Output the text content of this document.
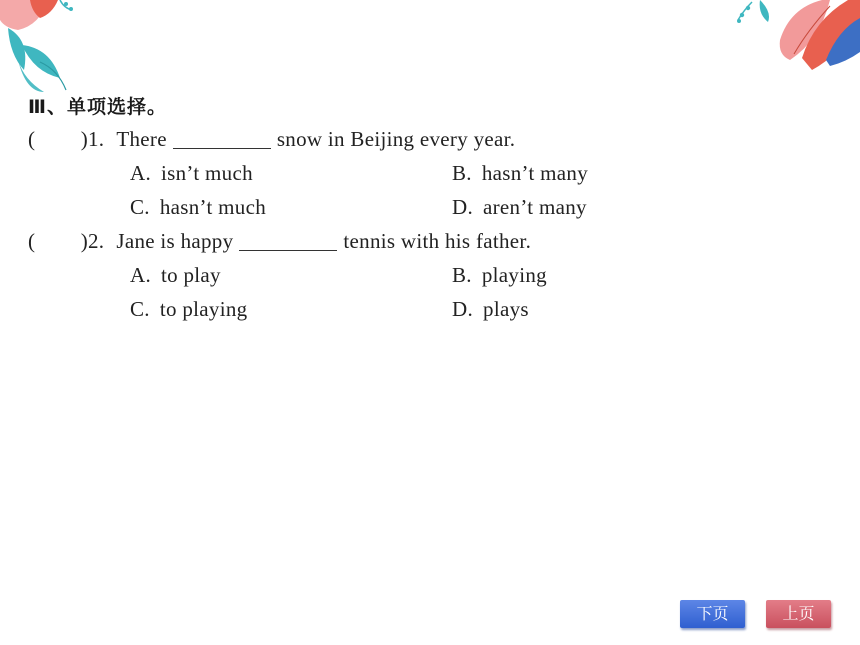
Ⅲ、单项选择。
(
) 1. There	snow in Beijing every year.
A. isn’t much	B. hasn’t many
C. hasn’t much	D. aren’t many
(
) 2. Jane is happy	tennis with his father.
A. to play	B. playing
C. to playing	D. plays
下页	上页
